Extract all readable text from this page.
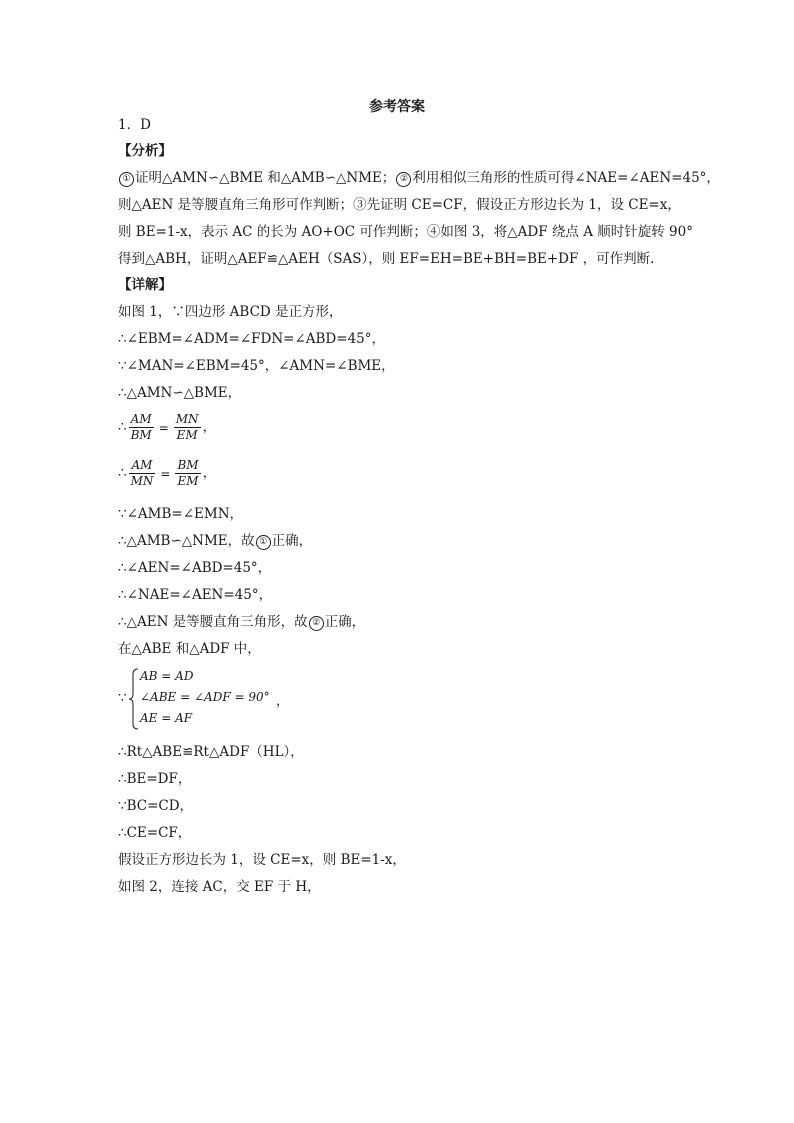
参考答案
1．D
【分析】
① 证明△AMN∽△BME 和△AMB∽△NME； ② 利用相似三角形的性质可得∠NAE=∠AEN=45°，
则△AEN 是等腰直角三角形可作判断；③先证明 CE=CF，假设正方形边长为 1，设 CE=x，
则 BE=1-x，表示 AC 的长为 AO+OC 可作判断；④如图 3，将△ADF 绕点 A 顺时针旋转 90°
得到△ABH，证明△AEF≌△AEH（SAS），则 EF=EH=BE+BH=BE+DF ，可作判断.
【详解】
如图 1，∵四边形 ABCD 是正方形，
∴∠EBM=∠ADM=∠FDN=∠ABD=45°，
∵∠MAN=∠EBM=45°，∠AMN=∠BME，
∴△AMN∽△BME，
∴ $\frac{AM}{BM} = \frac{MN}{EM}$ ，
∴ $\frac{AM}{MN} = \frac{BM}{EM}$ ，
∵∠AMB=∠EMN，
∴△AMB∽△NME，故 ① 正确，
∴∠AEN=∠ABD=45°，
∴∠NAE=∠AEN=45°，
∴△AEN 是等腰直角三角形，故 ② 正确，
在△ABE 和△ADF 中，
∵
AB = AD
∠ABE = ∠ADF = 90°
AE = AF
，
∴Rt△ABE≌Rt△ADF（HL），
∴BE=DF，
∵BC=CD，
∴CE=CF，
假设正方形边长为 1，设 CE=x，则 BE=1-x，
如图 2，连接 AC，交 EF 于 H，
